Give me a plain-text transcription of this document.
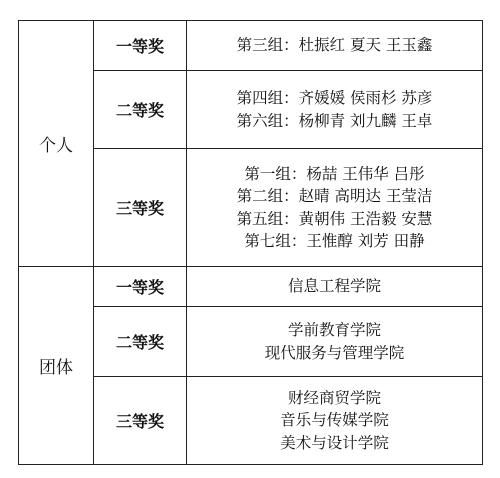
个人	一等奖	第三组：杜振红 夏天 王玉鑫

	二等奖	第四组：齐媛媛 侯雨杉 苏彦
第六组：杨柳青 刘九麟 王卓

	三等奖	第一组：杨喆 王伟华 吕彤
第二组：赵晴 高明达 王莹洁
第五组：黄朝伟 王浩毅 安慧
第七组：王惟醇 刘芳 田静

团体	一等奖	信息工程学院

	二等奖	学前教育学院
现代服务与管理学院

	三等奖	财经商贸学院
音乐与传媒学院
美术与设计学院
